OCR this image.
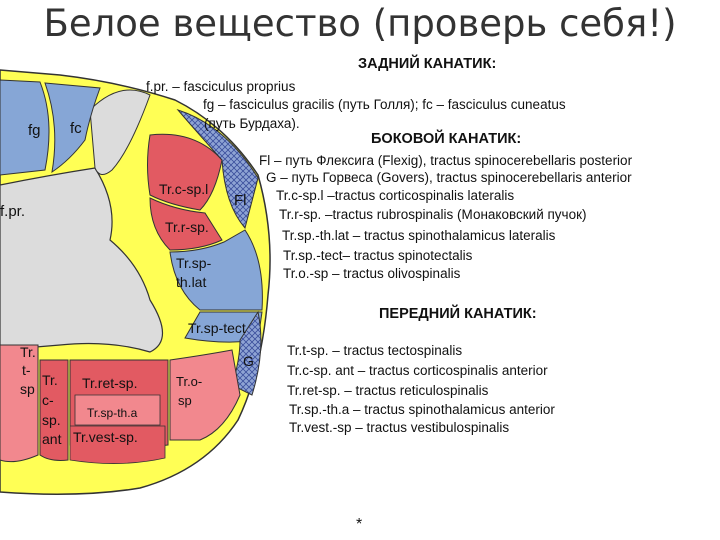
Белое вещество (проверь себя!)
fg fc
f.pr.
Tr.c-sp.l
Fl
Tr.r-sp.
Tr.sp-
th.lat
Tr.sp-tect
G
Tr.
t-
sp
Tr.
c-
sp.
ant
Tr.ret-sp.
Tr.sp-th.a
Tr.vest-sp.
Tr.o-
sp
ЗАДНИЙ КАНАТИК:
f.pr. – fasciculus proprius
fg – fasciculus gracilis (путь Голля); fc – fasciculus cuneatus
(путь Бурдаха).
БОКОВОЙ КАНАТИК:
Fl – путь Флексига (Flexig), tractus spinocerebellaris posterior
G – путь Горвеса (Govers), tractus spinocerebellaris anterior
Tr.c-sp.l –tractus corticospinalis lateralis
Tr.r-sp. –tractus rubrospinalis (Монаковский пучок)
Tr.sp.-th.lat – tractus spinothalamicus lateralis
Tr.sp.-tect– tractus spinotectalis
Tr.o.-sp – tractus olivospinalis
ПЕРЕДНИЙ КАНАТИК:
Tr.t-sp. – tractus tectospinalis
Tr.c-sp. ant – tractus corticospinalis anterior
Tr.ret-sp. – tractus reticulospinalis
Tr.sp.-th.a – tractus spinothalamicus anterior
Tr.vest.-sp – tractus vestibulospinalis
*
